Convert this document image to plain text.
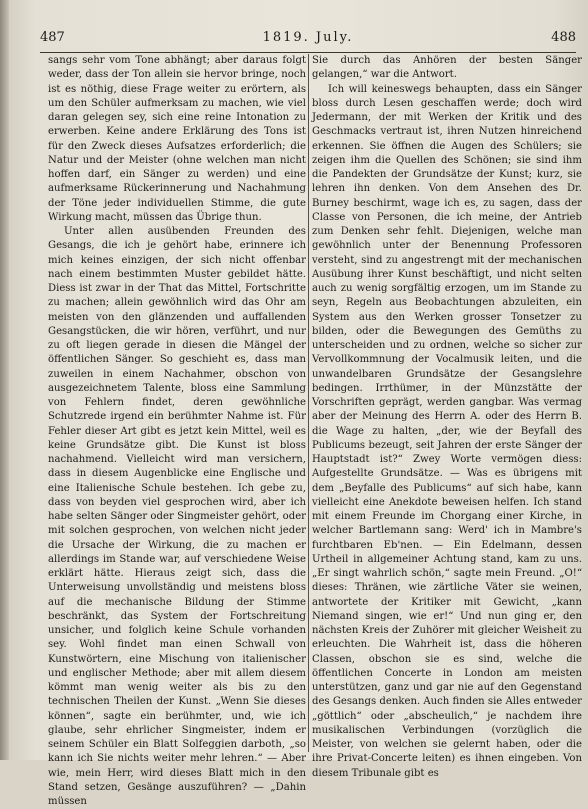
1819. July.
487	488

sangs sehr vom Tone abhängt; aber daraus folgt weder, dass der Ton allein sie hervor bringe, noch ist es nöthig, diese Frage weiter zu erörtern, als um den Schüler aufmerksam zu machen, wie viel daran gelegen sey, sich eine reine Intonation zu erwerben. Keine andere Erklärung des Tons ist für den Zweck dieses Aufsatzes erforderlich; die Natur und der Meister (ohne welchen man nicht hoffen darf, ein Sänger zu werden) und eine aufmerksame Rückerinnerung und Nachahmung der Töne jeder individuellen Stimme, die gute Wirkung macht, müssen das Übrige thun.

Unter allen ausübenden Freunden des Gesangs, die ich je gehört habe, erinnere ich mich keines einzigen, der sich nicht offenbar nach einem bestimmten Muster gebildet hätte. Diess ist zwar in der That das Mittel, Fortschritte zu machen; allein gewöhnlich wird das Ohr am meisten von den glänzenden und auffallenden Gesangstücken, die wir hören, verführt, und nur zu oft liegen gerade in diesen die Mängel der öffentlichen Sänger. So geschieht es, dass man zuweilen in einem Nachahmer, obschon von ausgezeichnetem Talente, bloss eine Sammlung von Fehlern findet, deren gewöhnliche Schutzrede irgend ein berühmter Nahme ist. Für Fehler dieser Art gibt es jetzt kein Mittel, weil es keine Grundsätze gibt. Die Kunst ist bloss nachahmend. Vielleicht wird man versichern, dass in diesem Augenblicke eine Englische und eine Italienische Schule bestehen. Ich gebe zu, dass von beyden viel gesprochen wird, aber ich habe selten Sänger oder Singmeister gehört, oder mit solchen gesprochen, von welchen nicht jeder die Ursache der Wirkung, die zu machen er allerdings im Stande war, auf verschiedene Weise erklärt hätte. Hieraus zeigt sich, dass die Unterweisung unvollständig und meistens bloss auf die mechanische Bildung der Stimme beschränkt, das System der Fortschreitung unsicher, und folglich keine Schule vorhanden sey. Wohl findet man einen Schwall von Kunstwörtern, eine Mischung von italienischer und englischer Methode; aber mit allem diesem kömmt man wenig weiter als bis zu den technischen Theilen der Kunst. „Wenn Sie dieses können“, sagte ein berühmter, und, wie ich glaube, sehr ehrlicher Singmeister, indem er seinem Schüler ein Blatt Solfeggien darboth, „so kann ich Sie nichts weiter mehr lehren.“ — Aber wie, mein Herr, wird dieses Blatt mich in den Stand setzen, Gesänge auszuführen? — „Dahin müssen

Sie durch das Anhören der besten Sänger gelangen,“ war die Antwort.

Ich will keineswegs behaupten, dass ein Sänger bloss durch Lesen geschaffen werde; doch wird Jedermann, der mit Werken der Kritik und des Geschmacks vertraut ist, ihren Nutzen hinreichend erkennen. Sie öffnen die Augen des Schülers; sie zeigen ihm die Quellen des Schönen; sie sind ihm die Pandekten der Grundsätze der Kunst; kurz, sie lehren ihn denken. Von dem Ansehen des Dr. Burney beschirmt, wage ich es, zu sagen, dass der Classe von Personen, die ich meine, der Antrieb zum Denken sehr fehlt. Diejenigen, welche man gewöhnlich unter der Benennung Professoren versteht, sind zu angestrengt mit der mechanischen Ausübung ihrer Kunst beschäftigt, und nicht selten auch zu wenig sorgfältig erzogen, um im Stande zu seyn, Regeln aus Beobachtungen abzuleiten, ein System aus den Werken grosser Tonsetzer zu bilden, oder die Bewegungen des Gemüths zu unterscheiden und zu ordnen, welche so sicher zur Vervollkommnung der Vocalmusik leiten, und die unwandelbaren Grundsätze der Gesangslehre bedingen. Irrthümer, in der Münzstätte der Vorschriften geprägt, werden gangbar. Was vermag aber der Meinung des Herrn A. oder des Herrn B. die Wage zu halten, „der, wie der Beyfall des Publicums bezeugt, seit Jahren der erste Sänger der Hauptstadt ist?“ Zwey Worte vermögen diess: Aufgestellte Grundsätze. — Was es übrigens mit dem „Beyfalle des Publicums“ auf sich habe, kann vielleicht eine Anekdote beweisen helfen. Ich stand mit einem Freunde im Chorgang einer Kirche, in welcher Bartlemann sang: Werd' ich in Mambre's furchtbaren Eb'nen. — Ein Edelmann, dessen Urtheil in allgemeiner Achtung stand, kam zu uns. „Er singt wahrlich schön,“ sagte mein Freund. „O!“ dieses: Thränen, wie zärtliche Väter sie weinen, antwortete der Kritiker mit Gewicht, „kann Niemand singen, wie er!“ Und nun ging er, den nächsten Kreis der Zuhörer mit gleicher Weisheit zu erleuchten. Die Wahrheit ist, dass die höheren Classen, obschon sie es sind, welche die öffentlichen Concerte in London am meisten unterstützen, ganz und gar nie auf den Gegenstand des Gesangs denken. Auch finden sie Alles entweder „göttlich“ oder „abscheulich,“ je nachdem ihre musikalischen Verbindungen (vorzüglich die Meister, von welchen sie gelernt haben, oder die ihre Privat-Concerte leiten) es ihnen eingeben. Von diesem Tribunale gibt es
